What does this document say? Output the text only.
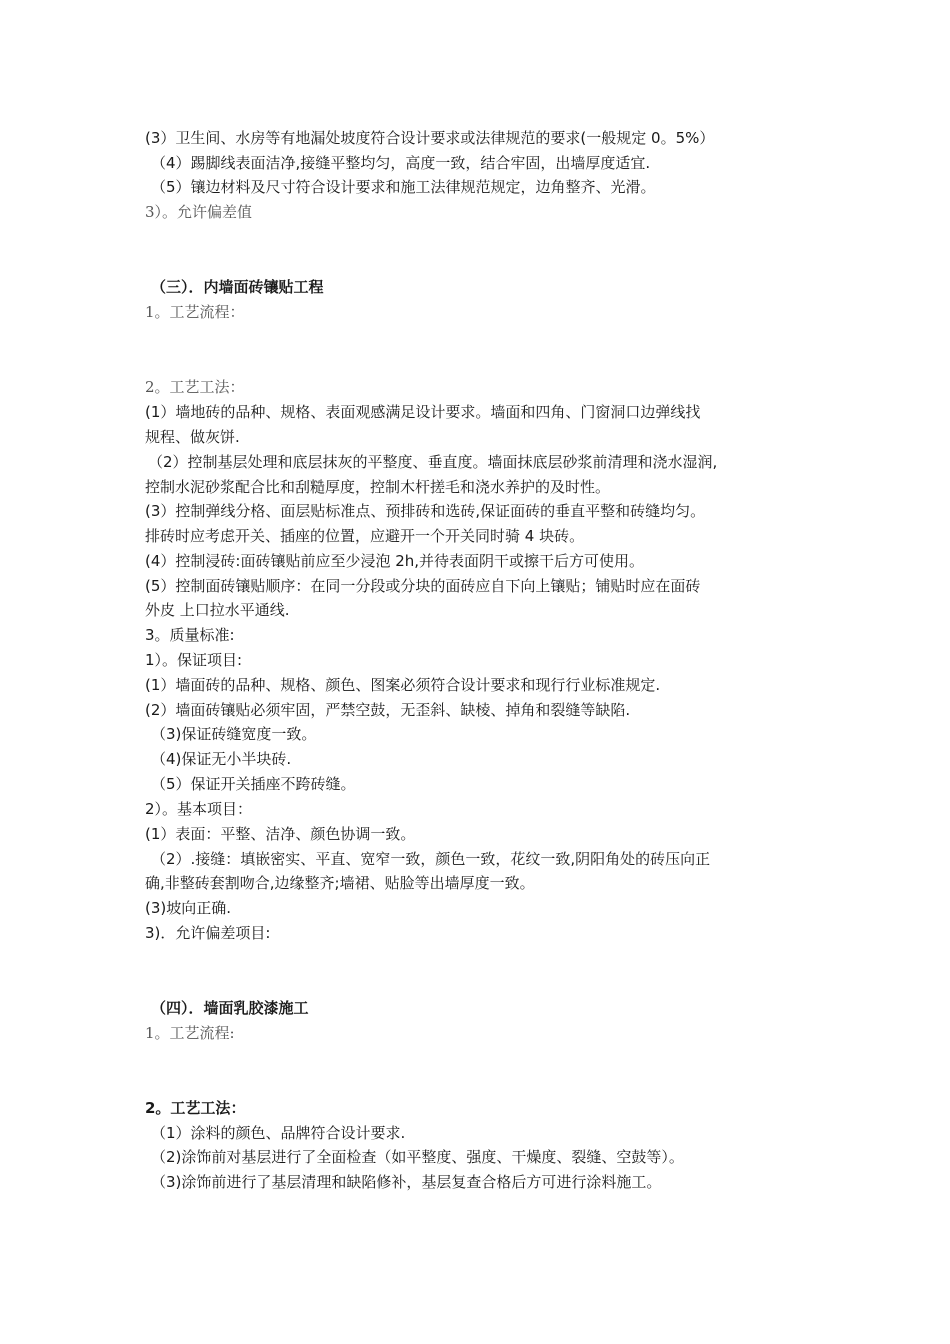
(3）卫生间、水房等有地漏处坡度符合设计要求或法律规范的要求(一般规定 0。5%）
（4）踢脚线表面洁净,接缝平整均匀，高度一致，结合牢固，出墙厚度适宜.
（5）镶边材料及尺寸符合设计要求和施工法律规范规定，边角整齐、光滑。
3）。允许偏差值
（三）．内墙面砖镶贴工程
1。工艺流程：
2。工艺工法：
(1）墙地砖的品种、规格、表面观感满足设计要求。墙面和四角、门窗洞口边弹线找
规程、做灰饼.
（2）控制基层处理和底层抹灰的平整度、垂直度。墙面抹底层砂浆前清理和浇水湿润,
控制水泥砂浆配合比和刮糙厚度，控制木杆搓毛和浇水养护的及时性。
(3）控制弹线分格、面层贴标准点、预排砖和选砖,保证面砖的垂直平整和砖缝均匀。
排砖时应考虑开关、插座的位置，应避开一个开关同时骑 4 块砖。
(4）控制浸砖:面砖镶贴前应至少浸泡 2h,并待表面阴干或擦干后方可使用。
(5）控制面砖镶贴顺序：在同一分段或分块的面砖应自下向上镶贴；铺贴时应在面砖
外皮 上口拉水平通线.
3。质量标准:
1）。保证项目:
(1）墙面砖的品种、规格、颜色、图案必须符合设计要求和现行行业标准规定.
(2）墙面砖镶贴必须牢固，严禁空鼓，无歪斜、缺棱、掉角和裂缝等缺陷.
（3)保证砖缝宽度一致。
（4)保证无小半块砖.
（5）保证开关插座不跨砖缝。
2）。基本项目：
(1）表面：平整、洁净、颜色协调一致。
（2）.接缝：填嵌密实、平直、宽窄一致，颜色一致，花纹一致,阴阳角处的砖压向正
确,非整砖套割吻合,边缘整齐;墙裙、贴脸等出墙厚度一致。
(3)坡向正确.
3)．允许偏差项目:
（四）．墙面乳胶漆施工
1。工艺流程:
2。工艺工法：
（1）涂料的颜色、品牌符合设计要求.
（2)涂饰前对基层进行了全面检查（如平整度、强度、干燥度、裂缝、空鼓等）。
（3)涂饰前进行了基层清理和缺陷修补，基层复查合格后方可进行涂料施工。
